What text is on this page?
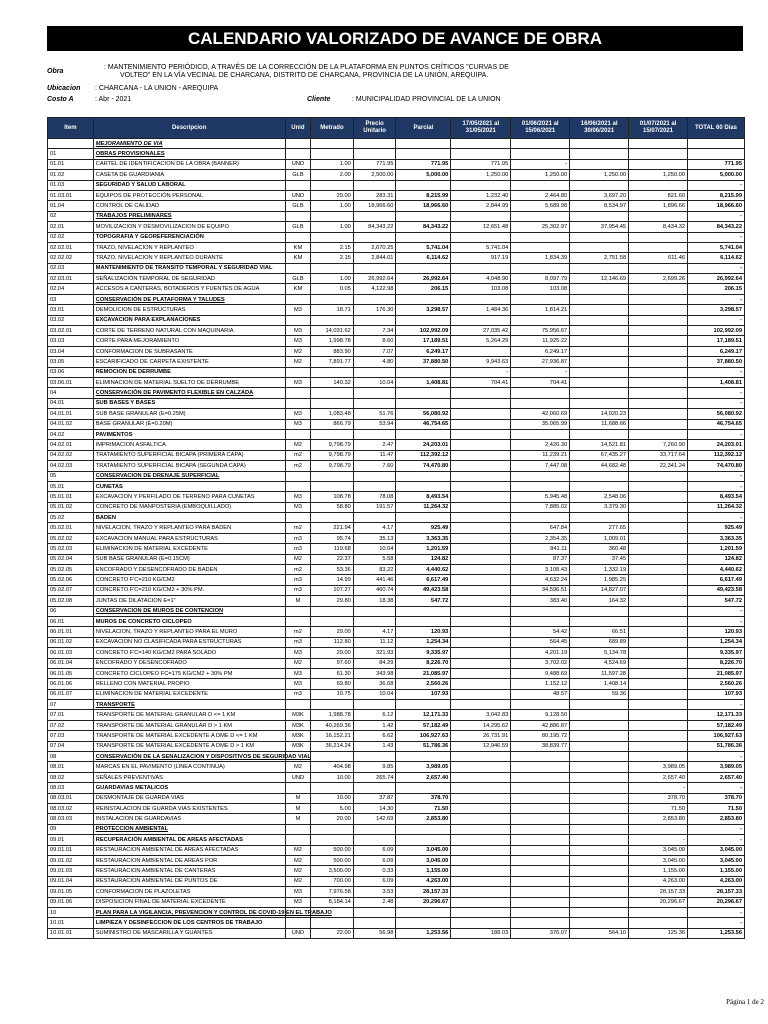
CALENDARIO VALORIZADO DE AVANCE DE OBRA
Obra
: MANTENIMIENTO PERIÓDICO, A TRAVÉS DE LA CORRECCIÓN DE LA PLATAFORMA EN PUNTOS CRÍTICOS "CURVAS DE
VOLTEO" EN LA VÍA VECINAL DE CHARCANA, DISTRITO DE CHARCANA, PROVINCIA DE LA UNIÓN, AREQUIPA.
Ubicacion : CHARCANA - LA UNION - AREQUIPA
Costo A	: Abr - 2021	Cliente	: MUNICIPALIDAD PROVINCIAL DE LA UNION
Item	Descripcion	Unid	Metrado	Precio Unitario	Parcial	17/05/2021 al 31/05/2021	01/06/2021 al 15/06/2021	16/06/2021 al 30/06/2021	01/07/2021 al 15/07/2021	TOTAL 60 Días
	MEJORAMIENTO DE VIA									
01	OBRAS PROVISIONALES									
01.01	CARTEL DE IDENTIFICACION DE LA OBRA (BANNER)	UND	1.00	771.95	771.95	771.95	-			771.95
01.02	CASETA DE GUARDIANIA	GLB	2.00	2,500.00	5,000.00	1,250.00	1,250.00	1,250.00	1,250.00	5,000.00
01.03	SEGURIDAD Y SALUD LABORAL									-
01.03.01	EQUIPOS DE PROTECCIÓN PERSONAL	UND	29.00	283.31	8,215.99	1,232.40	2,464.80	3,697.20	821.60	8,215.99
01.04	CONTROL DE CALIDAD	GLB	1.00	18,966.60	18,966.60	2,844.99	5,689.98	8,534.97	1,896.66	18,966.60
02	TRABAJOS PRELIMINARES									-
02.01	MOVILIZACION Y DESMOVILIZACION DE EQUIPO	GLB	1.00	84,343.22	84,343.22	12,651.48	25,302.97	37,954.45	8,434.32	84,343.22
02.02	TOPOGRAFIA Y GEOREFERENCIACIÓN									-
02.02.01	TRAZO, NIVELACION Y REPLANTEO	KM	2.15	2,670.25	5,741.04	5,741.04				5,741.04
02.02.02	TRAZO, NIVELACION Y REPLANTEO DURANTE	KM	2.15	2,844.01	6,114.62	917.19	1,834.39	2,751.58	611.46	6,114.62
02.03	MANTENIMIENTO DE TRANSITO TEMPORAL Y SEGURIDAD VIAL									-
02.03.01	SEÑALIZACIÓN TEMPORAL DE SEGURIDAD	GLB	1.00	26,992.64	26,992.64	4,048.90	8,097.79	12,146.69	2,699.26	26,992.64
02.04	ACCESOS A CANTERAS, BOTADEROS Y FUENTES DE AGUA	KM	0.05	4,122.98	206.15	103.08	103.08			206.15
03	CONSERVACIÓN DE PLATAFORMA Y TALUDES									-
03.01	DEMOLICION DE ESTRUCTURAS	M3	18.71	176.30	3,298.57	1,484.36	1,814.21			3,298.57
03.02	EXCAVACION PARA EXPLANACIONES									-
03.02.01	CORTE DE TERRENO NATURAL CON MAQUINARIA	M3	14,031.62	7.34	102,992.09	27,035.42	75,956.67			102,992.09
03.03	CORTE PARA MEJORAMIENTO	M3	1,998.78	8.60	17,189.51	5,264.29	11,925.22			17,189.51
03.04	CONFORMACION DE SUBRASANTE	M2	883.90	7.07	6,249.17		6,249.17			6,249.17
03.05	ESCARIFICADO DE CARPETA EXISTENTE	M2	7,891.77	4.80	37,880.50	9,943.63	27,936.87			37,880.50
03.06	REMOCION DE DERRUMBE					-	-			-
03.06.01	ELIMINACION DE MATERIAL SUELTO DE DERRUMBE	M3	140.32	10.04	1,408.81	704.41	704.41			1,408.81
04	CONSERVACIÓN DE PAVIMENTO FLEXIBLE EN CALZADA									-
04.01	SUB BASES Y BASES									-
04.01.01	SUB BASE GRANULAR (E=0.25M)	M3	1,083.48	51.76	56,080.92		42,060.69	14,020.23		56,080.92
04.01.02	BASE GRANULAR (E=0.20M)	M3	866.79	53.94	46,754.65		35,065.99	11,688.66		46,754.65
04.02	PAVIMENTOS									-
04.02.01	IMPRIMACION ASFALTICA	M2	9,798.79	2.47	24,203.01		2,420.30	14,521.81	7,260.90	24,203.01
04.02.02	TRATAMIENTO SUPERFICIAL BICAPA (PRIMERA CAPA)	m2	9,798.79	11.47	112,392.12		11,239.21	67,435.27	33,717.64	112,392.12
04.02.03	TRATAMIENTO SUPERFICIAL BICAPA (SEGUNDA CAPA)	m2	9,798.79	7.60	74,470.80		7,447.08	44,682.48	22,341.24	74,470.80
05	CONSERVACION DE DRENAJE SUPERFICIAL									-
05.01	CUNETAS									-
05.01.01	EXCAVACION Y PERFILADO DE TERRENO PARA CUNETAS	M3	108.78	78.08	8,493.54		5,945.48	2,548.06		8,493.54
05.01.02	CONCRETO DE MANPOSTERIA (EMBOQUILLADO)	M3	58.80	191.57	11,264.32		7,885.02	3,379.30		11,264.32
05.02	BADEN									-
05.02.01	NIVELACION, TRAZO Y REPLANTEO PARA BADEN	m2	221.94	4.17	925.49		647.84	277.65		925.49
05.02.02	EXCAVACION MANUAL PARA ESTRUCTURAS	m3	95.74	35.13	3,363.35		2,354.35	1,009.01		3,363.35
05.02.03	ELIMINACION DE MATERIAL EXCEDENTE	m3	119.68	10.04	1,201.59		841.11	360.48		1,201.59
05.02.04	SUB BASE GRANULAR (E=0.15CM)	M2	22.37	5.58	124.82		87.37	37.45		124.82
05.02.05	ENCOFRADO Y DESENCOFRADO DE BADEN	m2	53.36	83.22	4,440.62		3,108.43	1,332.19		4,440.62
05.02.06	CONCRETO F'C=210 KG/CM2	m3	14.99	441.46	6,617.49		4,632.24	1,985.25		6,617.49
05.02.07	CONCRETO F'C=210 KG/CM2 + 30% PM.	m3	107.27	460.74	49,423.58		34,596.51	14,827.07		49,423.58
05.02.08	JUNTAS DE DILATACION E=1"	M	29.80	18.38	547.72		383.40	164.32		547.72
06	CONSERVACION DE MUROS DE CONTENCION									-
06.01	MUROS DE CONCRETO CICLOPEO									-
06.01.01	NIVELACION, TRAZO Y REPLANTEO PARA EL MURO	m2	29.00	4.17	120.93		54.42	66.51		120.93
06.01.02	EXCAVACION NO CLASIFICADA PARA ESTRUCTURAS	m3	112.80	11.12	1,254.34		564.45	689.89		1,254.34
06.01.03	CONCRETO F'C=140 KG/CM2 PARA SOLADO	M3	29.00	321.93	9,335.97		4,201.19	5,134.78		9,335.97
06.01.04	ENCOFRADO Y DESENCOFRADO	M2	97.60	84.29	8,226.70		3,702.02	4,524.69		8,226.70
06.01.05	CONCRETO CICLOPEO FC=175 KG/CM2 + 30% PM	M3	61.30	343.98	21,085.97		9,488.69	11,597.28		21,085.97
06.01.06	RELLENO CON MATERIAL PROPIO	M3	69.80	36.68	2,560.26		1,152.12	1,408.14		2,560.26
06.01.07	ELIMINACION DE MATERIAL EXCEDENTE	m3	10.75	10.04	107.93		48.57	59.36		107.93
07	TRANSPORTE									-
07.01	TRANSPORTE DE MATERIAL GRANULAR D <= 1 KM	M3K	1,988.78	6.12	12,171.33	3,042.83	9,128.50			12,171.33
07.02	TRANSPORTE DE MATERIAL GRANULAR D > 1 KM	M3K	40,269.36	1.42	57,182.49	14,295.62	42,886.87			57,182.49
07.03	TRANSPORTE DE MATERIAL EXCEDENTE A DME D <= 1 KM	M3K	16,152.21	6.62	106,927.63	26,731.91	80,195.72			106,927.63
07.04	TRANSPORTE DE MATERIAL EXCEDENTE A DME D > 1 KM	M3K	36,214.24	1.43	51,786.36	12,946.59	38,839.77			51,786.36
08	CONSERVACIÓN DE LA SENALIZACION Y DISPOSITIVOS DE SEGURIDAD VIAL									-
08.01	MARCAS EN EL PAVIMENTO (LINEA CONTINUA)	M2	404.98	9.85	3,989.05				3,989.05	3,989.05
08.02	SEÑALES PREVENTIVAS	UND	10.00	265.74	2,657.40				2,657.40	2,657.40
08.03	GUARDAVIAS METALICOS								-	-
08.03.01	DESMONTAJE DE GUARDA VIAS	M	10.00	37.87	378.70				378.70	378.70
08.03.02	REINSTALACION DE GUARDA VIAS EXISTENTES	M	5.00	14.30	71.50				71.50	71.50
08.03.03	INSTALACION DE GUARDAVIAS	M	20.00	142.69	2,853.80				2,853.80	2,853.80
09	PROTECCION AMBIENTAL									-
09.01	RECUPERACIÓN AMBIENTAL DE AREAS AFECTADAS								-	-
09.01.01	RESTAURACION AMBIENTAL DE AREAS AFECTADAS	M2	500.00	6.09	3,045.00				3,045.00	3,045.00
09.01.02	RESTAURACION AMBIENTAL DE AREAS POR	M2	500.00	6.09	3,045.00				3,045.00	3,045.00
09.01.03	RESTAURACION AMBIENTAL DE CANTERAS	M2	3,500.00	0.33	1,155.00				1,155.00	1,155.00
09.01.04	RESTAURACION AMBIENTAL DE PUNTOS DE	M2	700.00	6.09	4,263.00				4,263.00	4,263.00
09.01.05	CONFORMACION DE PLAZOLETAS	M3	7,976.58	3.53	28,157.33				28,157.33	28,157.33
09.01.06	DISPOSICION FINAL DE MATERIAL EXCEDENTE	M3	8,184.14	2.48	20,296.67				20,296.67	20,296.67
10	PLAN PARA LA VIGILANCIA, PREVENCION Y CONTROL DE COVID-19 EN EL TRABAJO									-
10.01	LIMPIEZA Y DESINFECCION DE LOS CENTROS DE TRABAJO									-
10.01.01	SUMINISTRO DE MASCARILLA Y GUANTES	UND	22.00	56.98	1,253.56	188.03	376.07	564.10	125.36	1,253.56
Página 1 de 2
